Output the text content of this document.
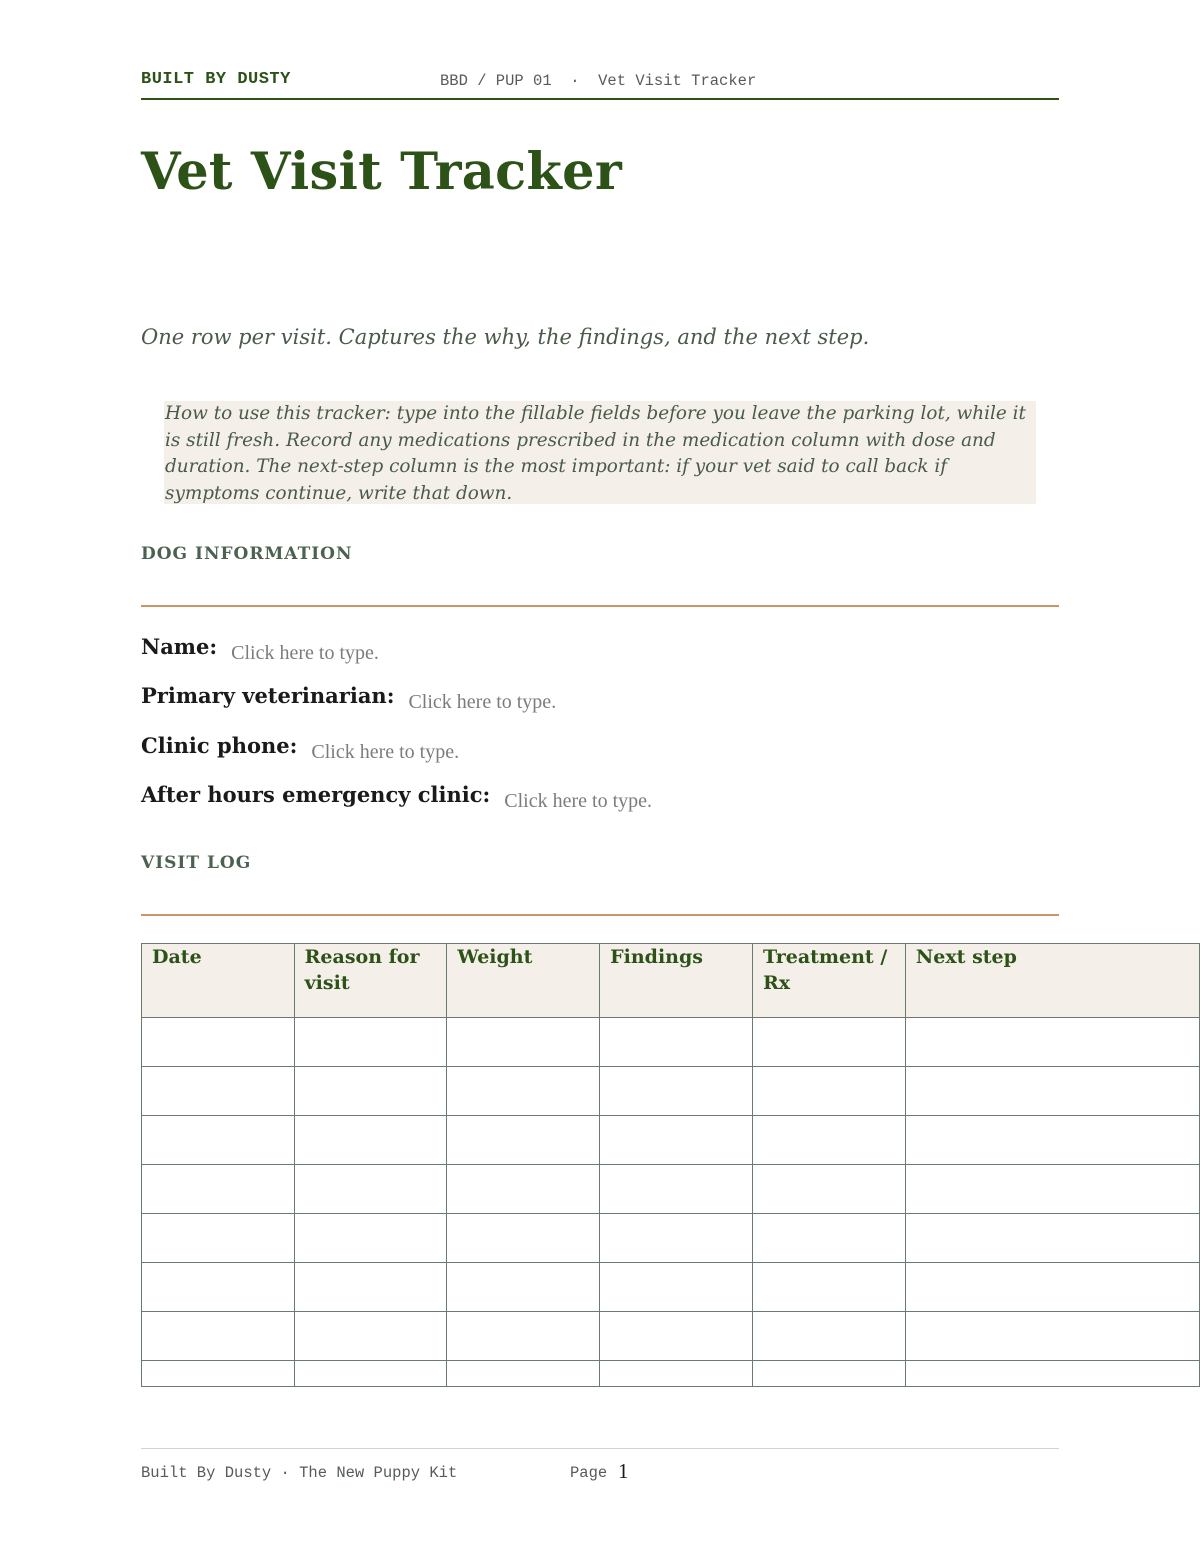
BUILT BY DUSTY	BBD / PUP 01  ·  Vet Visit Tracker
Vet Visit Tracker
One row per visit. Captures the why, the findings, and the next step.
How to use this tracker: type into the fillable fields before you leave the parking lot, while it is still fresh. Record any medications prescribed in the medication column with dose and duration. The next-step column is the most important: if your vet said to call back if symptoms continue, write that down.
DOG INFORMATION
Name:Click here to type.
Primary veterinarian:Click here to type.
Clinic phone:Click here to type.
After hours emergency clinic:Click here to type.
VISIT LOG
Date	Reason for visit	Weight	Findings	Treatment / Rx	Next step

Built By Dusty · The New Puppy Kit	Page 1
